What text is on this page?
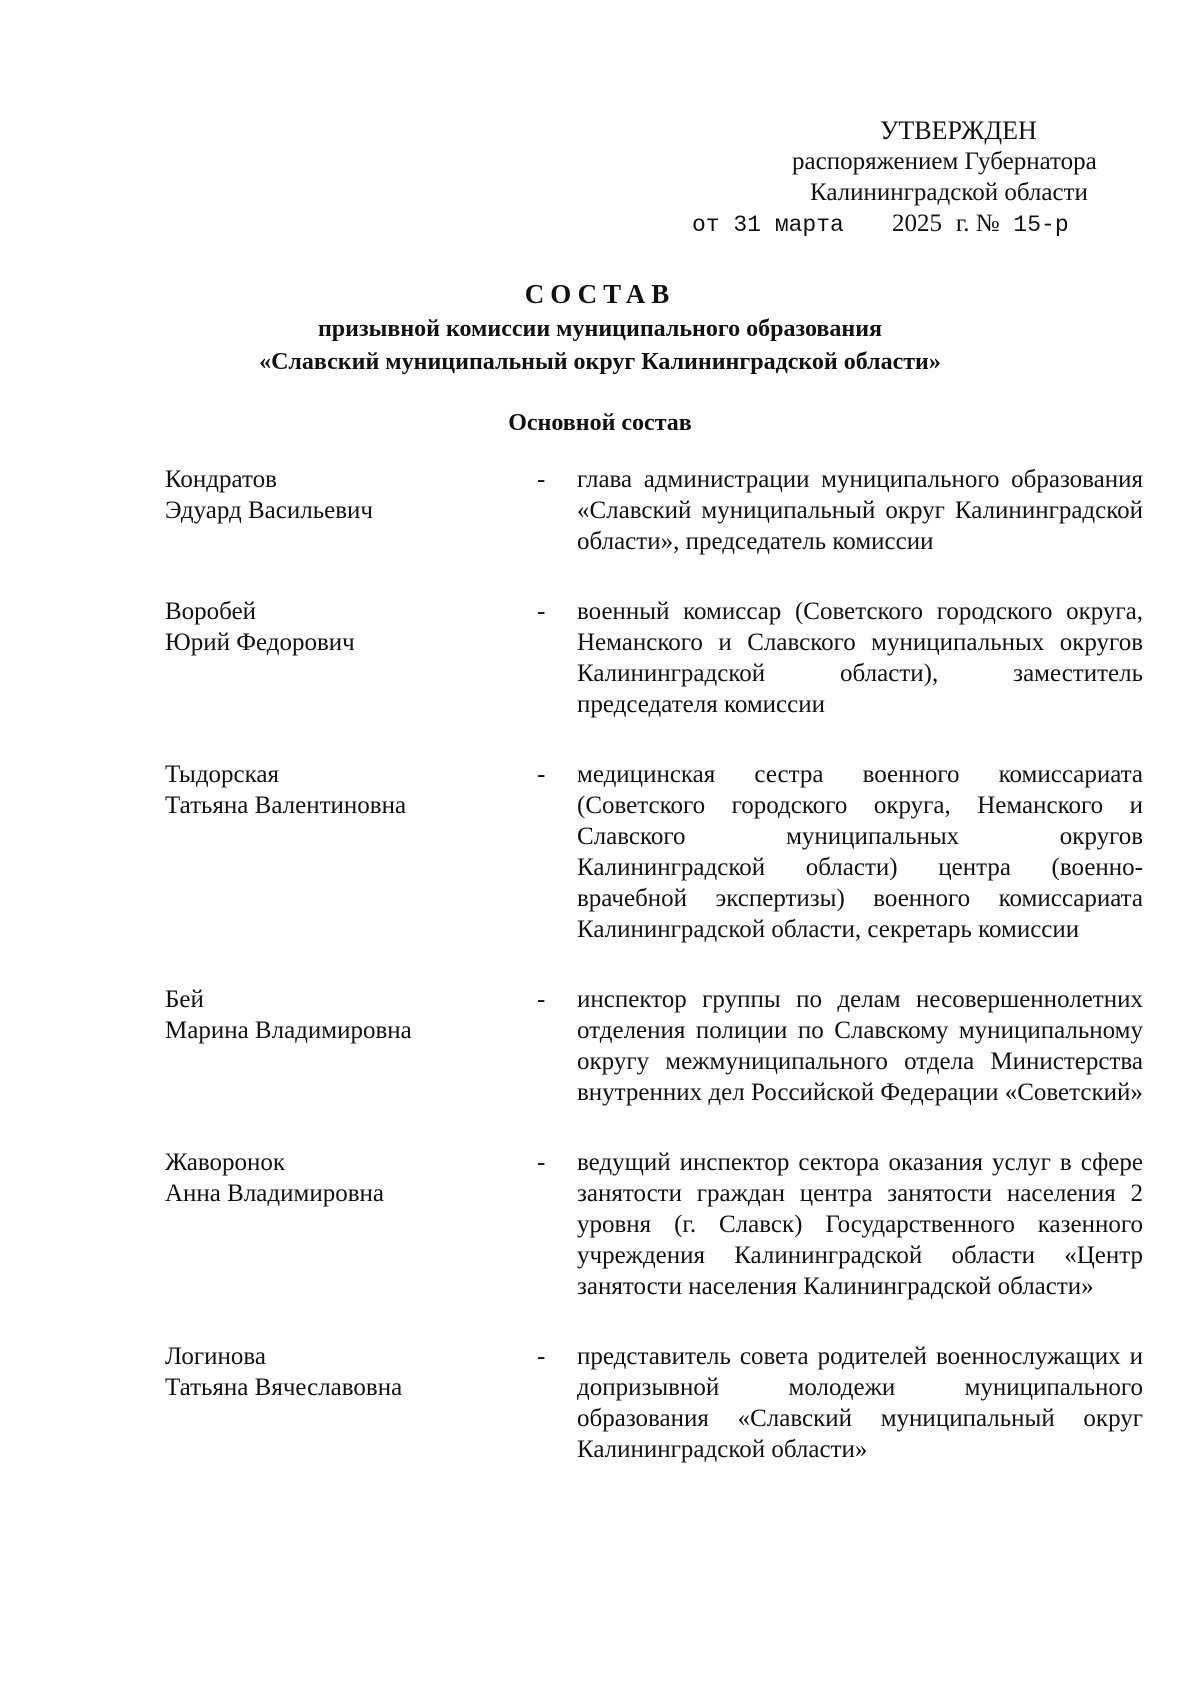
УТВЕРЖДЕН
распоряжением Губернатора
Калининградской области
от 31 марта 2025 г. № 15-р
СОСТАВ
призывной комиссии муниципального образования
«Славский муниципальный округ Калининградской области»
Основной состав
Кондратов
Эдуард Васильевич
-	глава администрации муниципального образования «Славский муниципальный округ Калининградской области», председатель комиссии
Воробей
Юрий Федорович
-	военный комиссар (Советского городского округа, Неманского и Славского муниципальных округов Калининградской области), заместитель председателя комиссии
Тыдорская
Татьяна Валентиновна
-	медицинская сестра военного комиссариата (Советского городского округа, Неманского и Славского муниципальных округов Калининградской области) центра (военно-врачебной экспертизы) военного комиссариата Калининградской области, секретарь комиссии
Бей
Марина Владимировна
-	инспектор группы по делам несовершеннолетних отделения полиции по Славскому муниципальному округу межмуниципального отдела Министерства внутренних дел Российской Федерации «Советский»
Жаворонок
Анна Владимировна
-	ведущий инспектор сектора оказания услуг в сфере занятости граждан центра занятости населения 2 уровня (г. Славск) Государственного казенного учреждения Калининградской области «Центр занятости населения Калининградской области»
Логинова
Татьяна Вячеславовна
-	представитель совета родителей военнослужащих и допризывной молодежи муниципального образования «Славский муниципальный округ Калининградской области»
